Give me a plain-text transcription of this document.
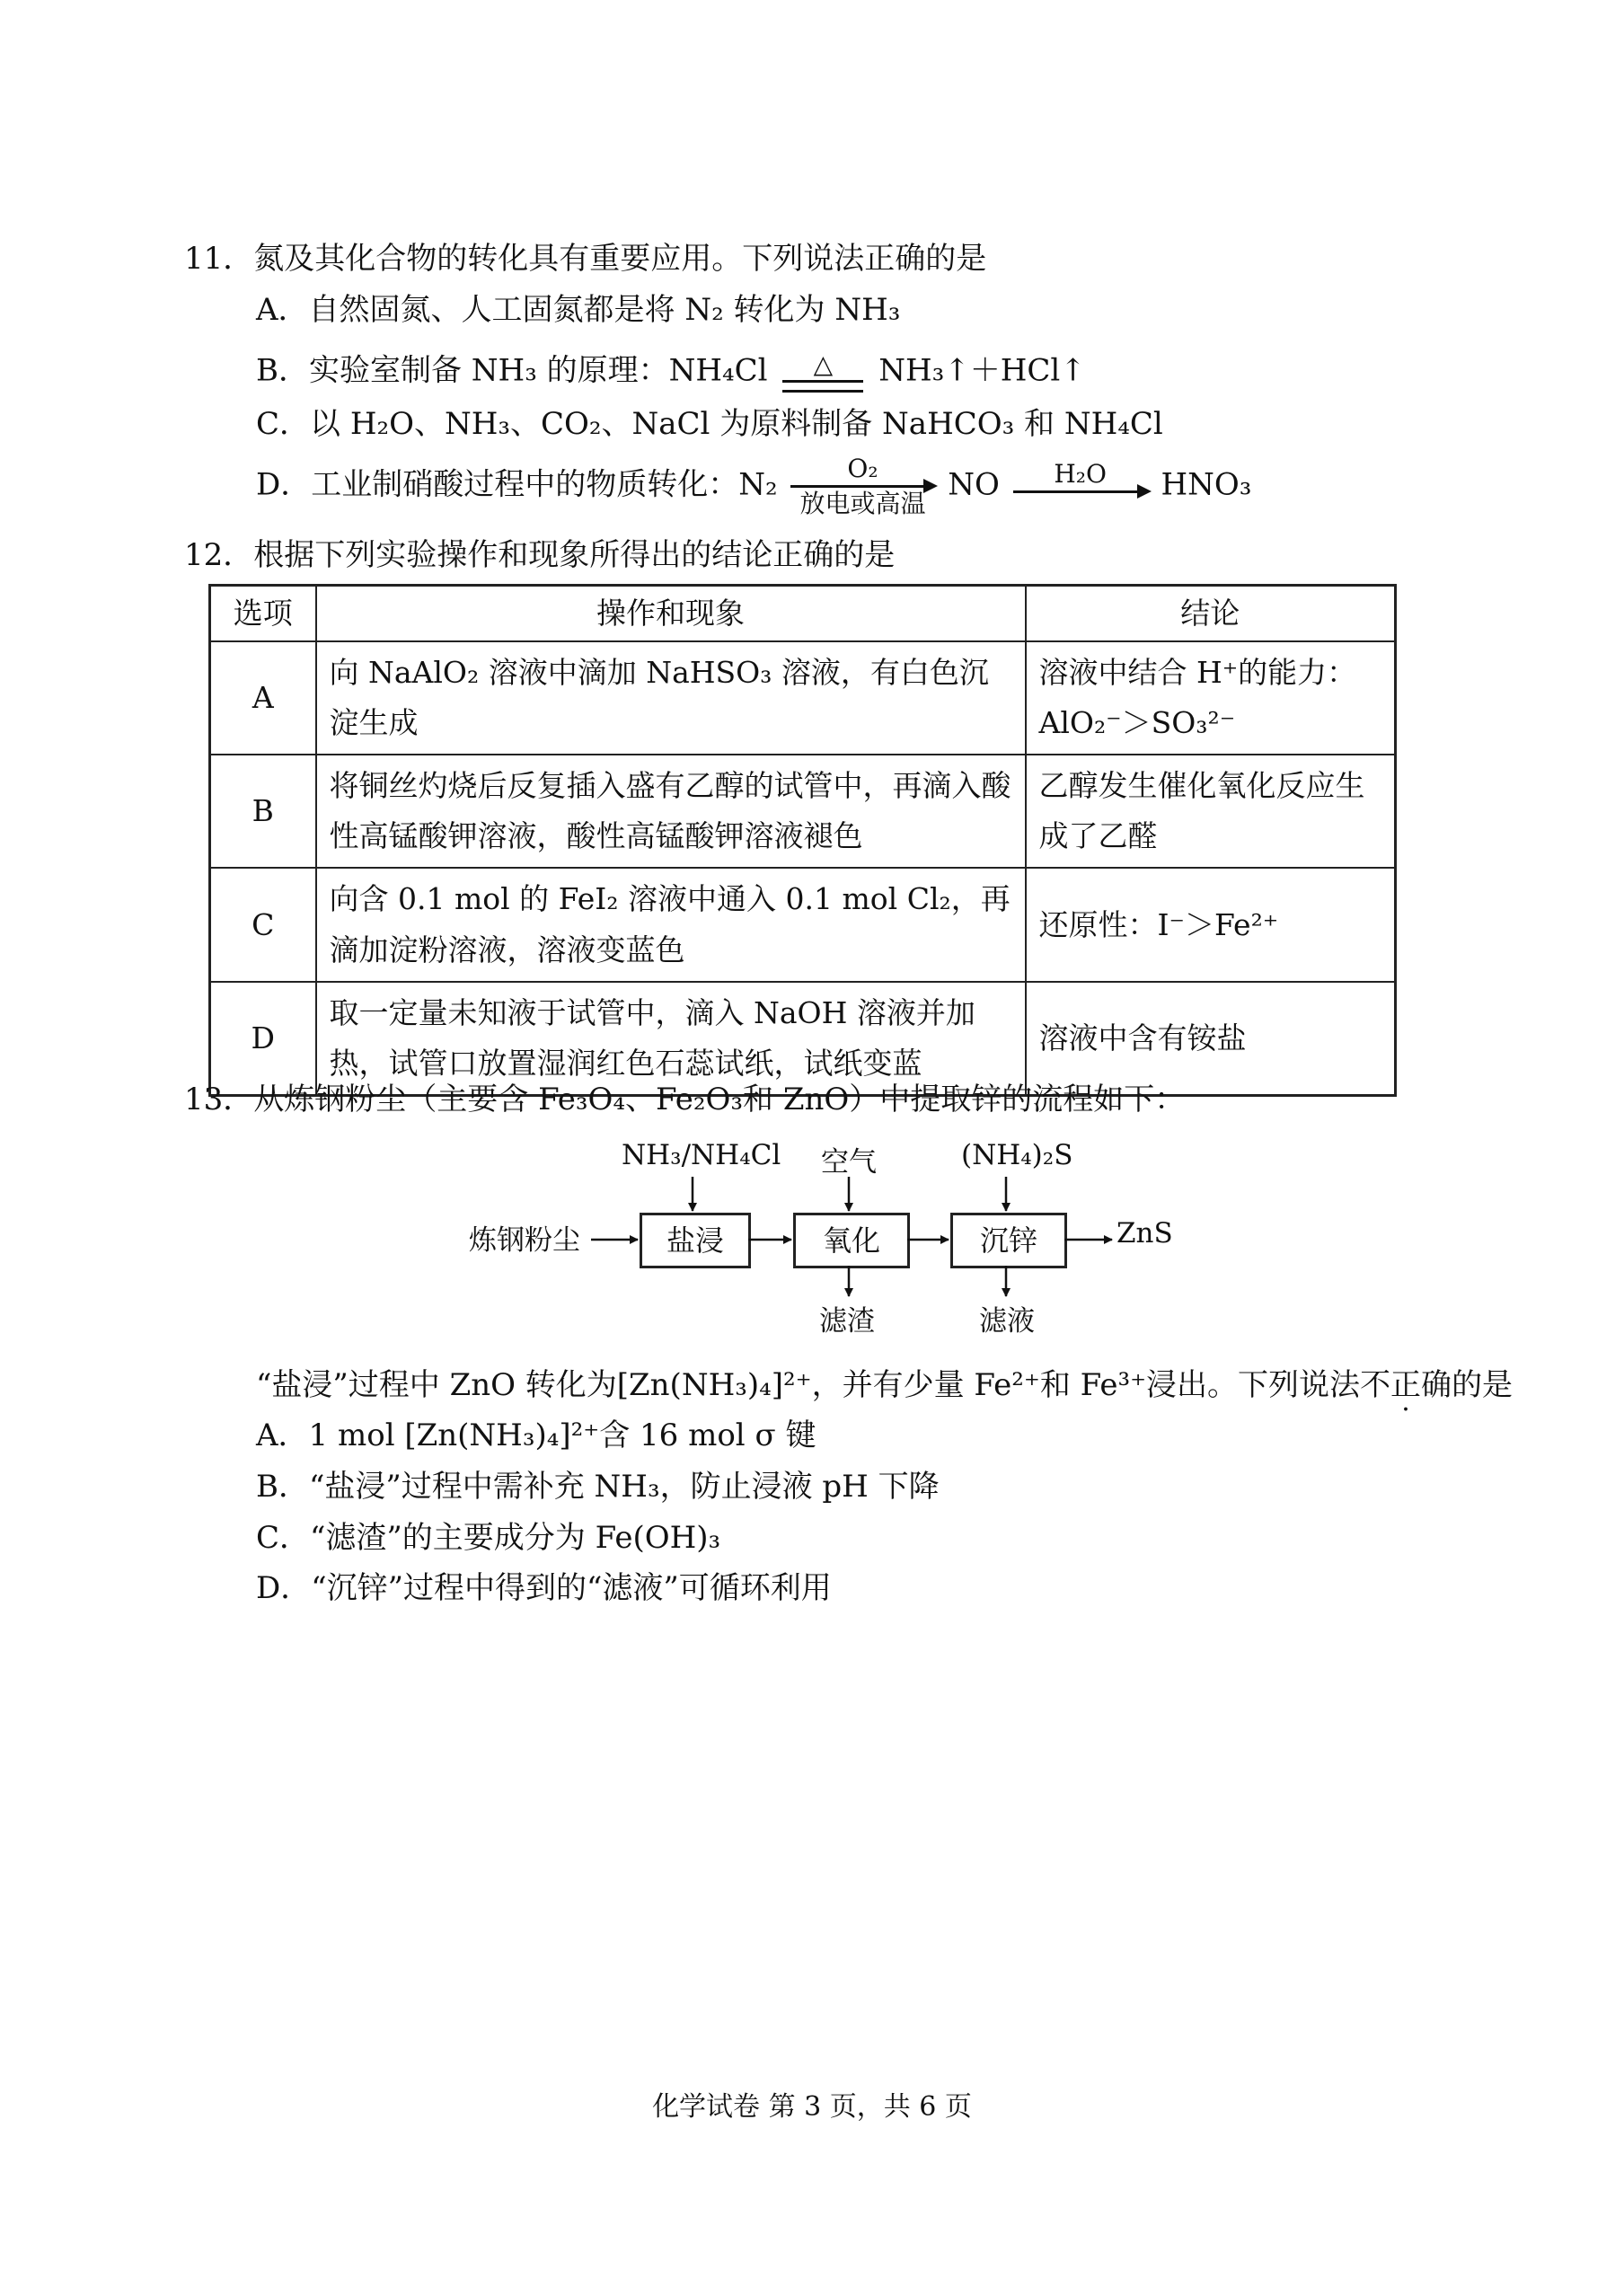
11．氮及其化合物的转化具有重要应用。下列说法正确的是
A．自然固氮、人工固氮都是将 N₂ 转化为 NH₃
B．实验室制备 NH₃ 的原理：NH₄Cl	△	NH₃↑＋HCl↑
C．以 H₂O、NH₃、CO₂、NaCl 为原料制备 NaHCO₃ 和 NH₄Cl
D．工业制硝酸过程中的物质转化：N₂	O₂
放电或高温
NO	H₂O	HNO₃
12．根据下列实验操作和现象所得出的结论正确的是
选项	操作和现象	结论
A	向 NaAlO₂ 溶液中滴加 NaHSO₃ 溶液，有白色沉淀生成	溶液中结合 H⁺的能力：AlO₂⁻＞SO₃²⁻
B	将铜丝灼烧后反复插入盛有乙醇的试管中，再滴入酸性高锰酸钾溶液，酸性高锰酸钾溶液褪色	乙醇发生催化氧化反应生成了乙醛
C	向含 0.1 mol 的 FeI₂ 溶液中通入 0.1 mol Cl₂，再滴加淀粉溶液，溶液变蓝色	还原性：I⁻＞Fe²⁺
D	取一定量未知液于试管中，滴入 NaOH 溶液并加热，试管口放置湿润红色石蕊试纸，试纸变蓝	溶液中含有铵盐
13．从炼钢粉尘（主要含 Fe₃O₄、Fe₂O₃和 ZnO）中提取锌的流程如下：
炼钢粉尘	盐浸	氧化	沉锌	ZnS
NH₃/NH₄Cl 空气	(NH₄)₂S
滤渣	滤液
“盐浸”过程中 ZnO 转化为[Zn(NH₃)₄]²⁺，并有少量 Fe²⁺和 Fe³⁺浸出。下列说法不正确的是
A．1 mol [Zn(NH₃)₄]²⁺含 16 mol σ 键
B．“盐浸”过程中需补充 NH₃，防止浸液 pH 下降
C．“滤渣”的主要成分为 Fe(OH)₃
D．“沉锌”过程中得到的“滤液”可循环利用
化学试卷 第 3 页，共 6 页
